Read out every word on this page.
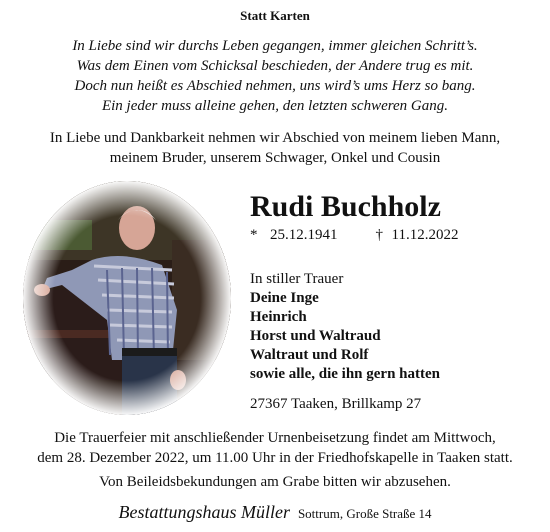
Statt Karten
In Liebe sind wir durchs Leben gegangen, immer gleichen Schritt’s.
Was dem Einen vom Schicksal beschieden, der Andere trug es mit.
Doch nun heißt es Abschied nehmen, uns wird’s ums Herz so bang.
Ein jeder muss alleine gehen, den letzten schweren Gang.
In Liebe und Dankbarkeit nehmen wir Abschied von meinem lieben Mann,
meinem Bruder, unserem Schwager, Onkel und Cousin
Rudi Buchholz
* 25.12.1941	† 11.12.2022
In stiller Trauer
Deine Inge
Heinrich
Horst und Waltraud
Waltraut und Rolf
sowie alle, die ihn gern hatten
27367 Taaken, Brillkamp 27
Die Trauerfeier mit anschließender Urnenbeisetzung findet am Mittwoch,
dem 28. Dezember 2022, um 11.00 Uhr in der Friedhofskapelle in Taaken statt.
Von Beileidsbekundungen am Grabe bitten wir abzusehen.
Bestattungshaus Müller Sottrum, Große Straße 14
